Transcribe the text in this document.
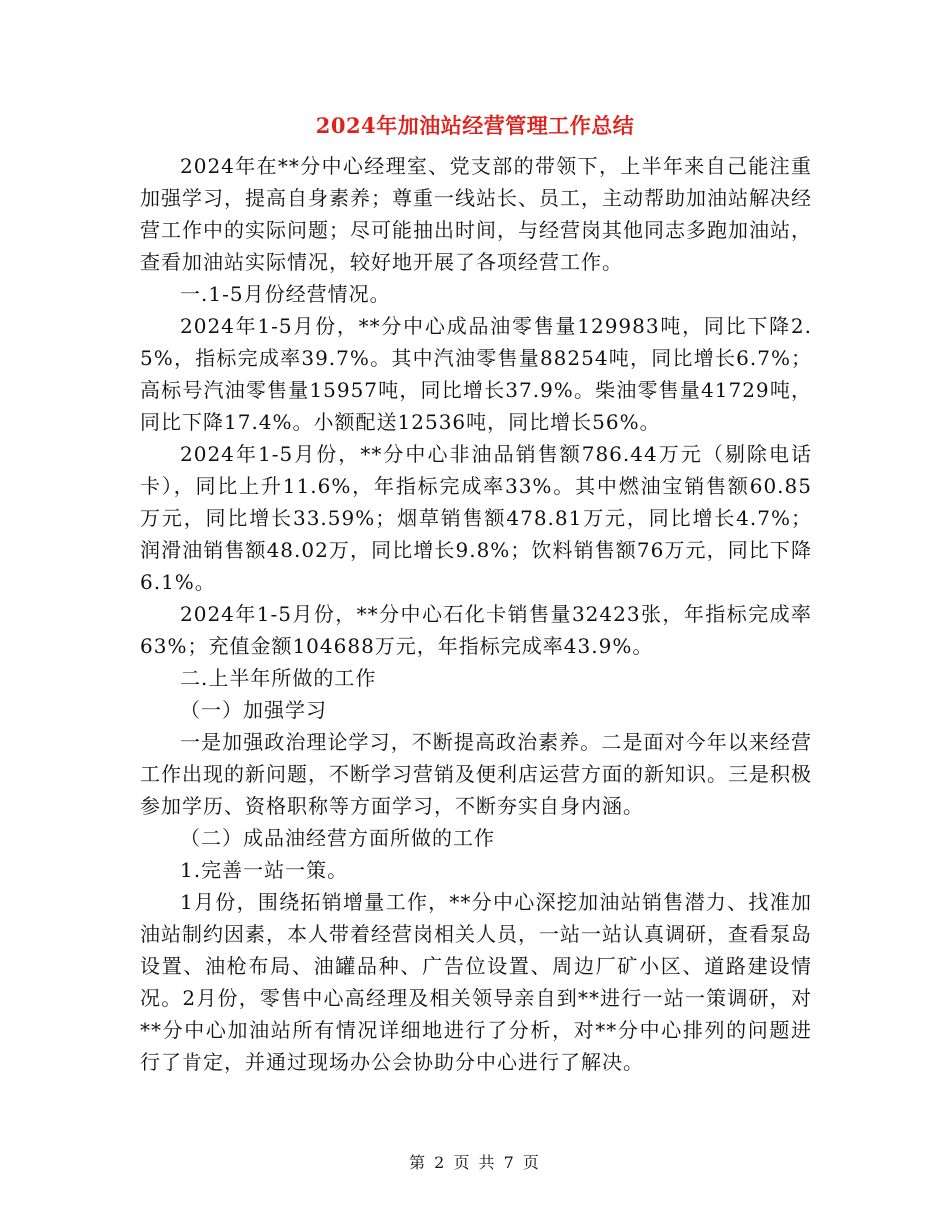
2024年加油站经营管理工作总结

2024年在**分中心经理室、党支部的带领下，上半年来自己能注重加强学习，提高自身素养；尊重一线站长、员工，主动帮助加油站解决经营工作中的实际问题；尽可能抽出时间，与经营岗其他同志多跑加油站，查看加油站实际情况，较好地开展了各项经营工作。

一.1-5月份经营情况。

2024年1-5月份，**分中心成品油零售量129983吨，同比下降2.5%，指标完成率39.7%。其中汽油零售量88254吨，同比增长6.7%；高标号汽油零售量15957吨，同比增长37.9%。柴油零售量41729吨，同比下降17.4%。小额配送12536吨，同比增长56%。

2024年1-5月份，**分中心非油品销售额786.44万元（剔除电话卡），同比上升11.6%，年指标完成率33%。其中燃油宝销售额60.85万元，同比增长33.59%；烟草销售额478.81万元，同比增长4.7%；润滑油销售额48.02万，同比增长9.8%；饮料销售额76万元，同比下降6.1%。

2024年1-5月份，**分中心石化卡销售量32423张，年指标完成率63%；充值金额104688万元，年指标完成率43.9%。

二.上半年所做的工作

（一）加强学习

一是加强政治理论学习，不断提高政治素养。二是面对今年以来经营工作出现的新问题，不断学习营销及便利店运营方面的新知识。三是积极参加学历、资格职称等方面学习，不断夯实自身内涵。

（二）成品油经营方面所做的工作

1.完善一站一策。

1月份，围绕拓销增量工作，**分中心深挖加油站销售潜力、找准加油站制约因素，本人带着经营岗相关人员，一站一站认真调研，查看泵岛设置、油枪布局、油罐品种、广告位设置、周边厂矿小区、道路建设情况。2月份，零售中心高经理及相关领导亲自到**进行一站一策调研，对**分中心加油站所有情况详细地进行了分析，对**分中心排列的问题进行了肯定，并通过现场办公会协助分中心进行了解决。

第 2 页 共 7 页
